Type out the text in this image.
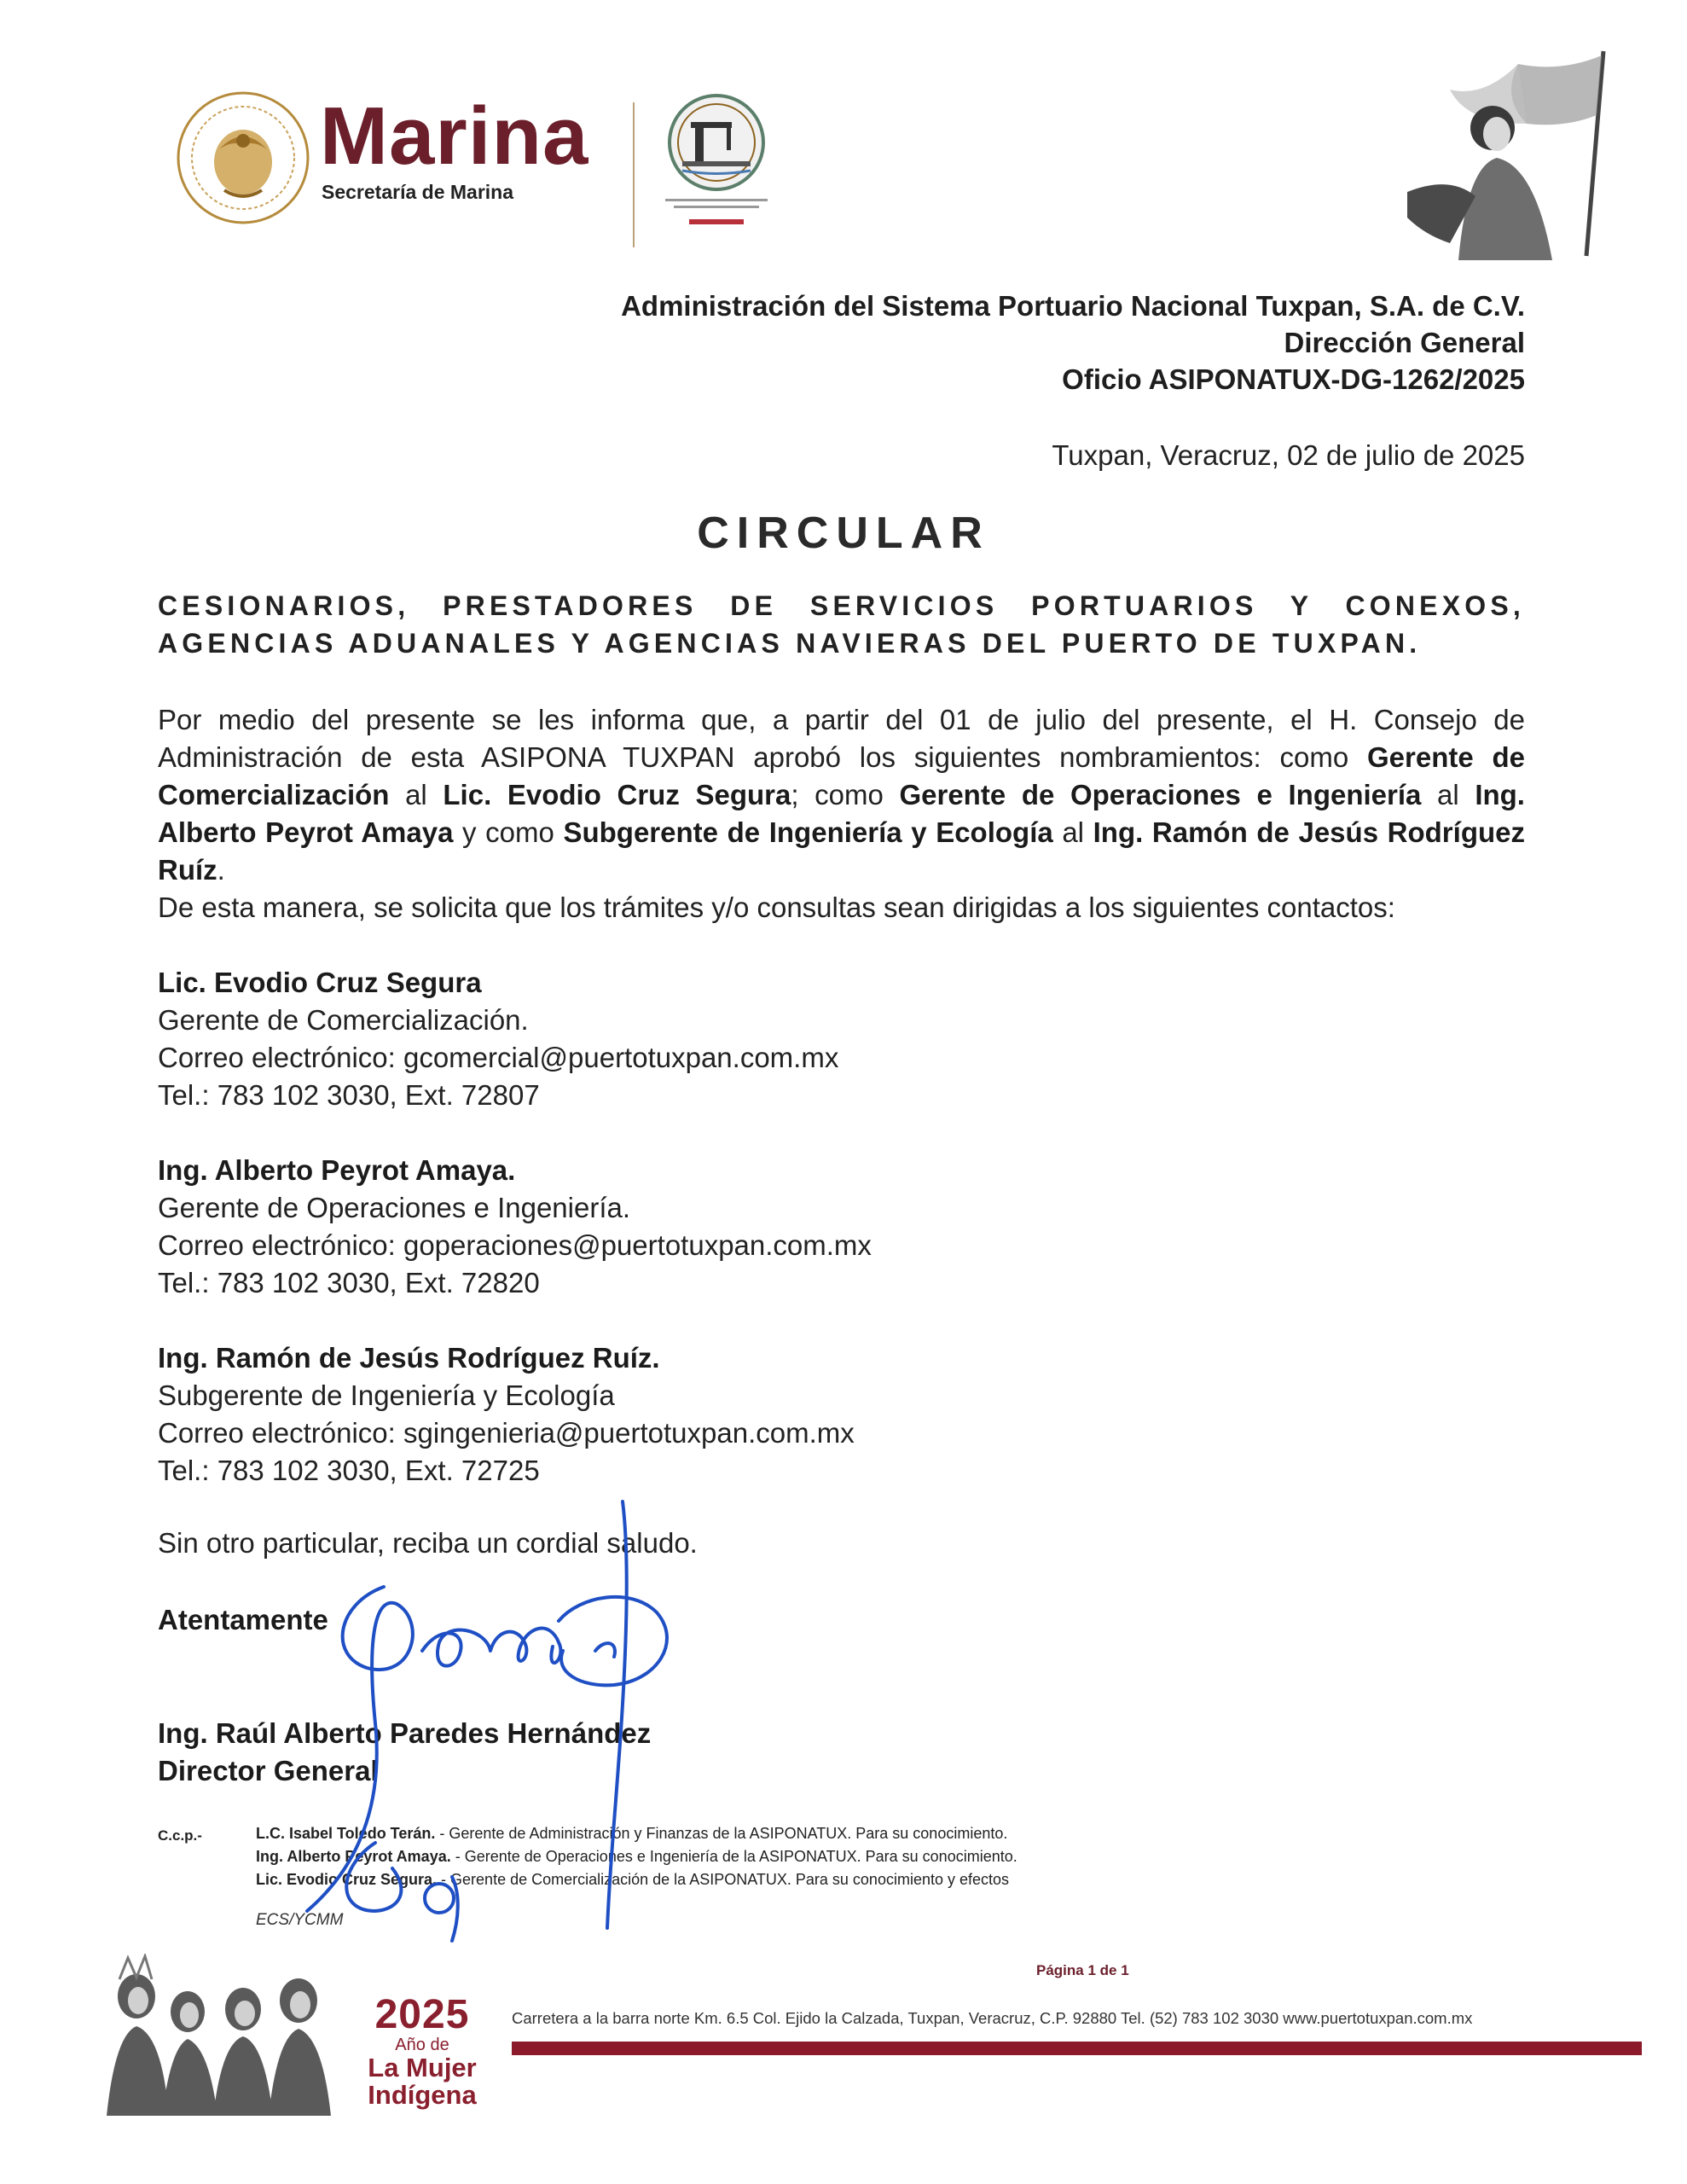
Marina
Secretaría de Marina
Administración del Sistema Portuario Nacional Tuxpan, S.A. de C.V.
Dirección General
Oficio ASIPONATUX-DG-1262/2025
Tuxpan, Veracruz, 02 de julio de 2025
CIRCULAR
CESIONARIOS, PRESTADORES DE SERVICIOS PORTUARIOS Y CONEXOS, AGENCIAS ADUANALES Y AGENCIAS NAVIERAS DEL PUERTO DE TUXPAN.
Por medio del presente se les informa que, a partir del 01 de julio del presente, el H. Consejo de Administración de esta ASIPONA TUXPAN aprobó los siguientes nombramientos: como Gerente de Comercialización al Lic. Evodio Cruz Segura; como Gerente de Operaciones e Ingeniería al Ing. Alberto Peyrot Amaya y como Subgerente de Ingeniería y Ecología al Ing. Ramón de Jesús Rodríguez Ruíz.
De esta manera, se solicita que los trámites y/o consultas sean dirigidas a los siguientes contactos:
Lic. Evodio Cruz Segura
Gerente de Comercialización.
Correo electrónico: gcomercial@puertotuxpan.com.mx
Tel.: 783 102 3030, Ext. 72807
Ing. Alberto Peyrot Amaya.
Gerente de Operaciones e Ingeniería.
Correo electrónico: goperaciones@puertotuxpan.com.mx
Tel.: 783 102 3030, Ext. 72820
Ing. Ramón de Jesús Rodríguez Ruíz.
Subgerente de Ingeniería y Ecología
Correo electrónico: sgingenieria@puertotuxpan.com.mx
Tel.: 783 102 3030, Ext. 72725
Sin otro particular, reciba un cordial saludo.
Atentamente
Ing. Raúl Alberto Paredes Hernández
Director General
C.c.p.-	L.C. Isabel Toledo Terán. - Gerente de Administración y Finanzas de la ASIPONATUX. Para su conocimiento.
Ing. Alberto Peyrot Amaya. - Gerente de Operaciones e Ingeniería de la ASIPONATUX. Para su conocimiento.
Lic. Evodio Cruz Segura. - Gerente de Comercialización de la ASIPONATUX. Para su conocimiento y efectos
ECS/YCMM
Página 1 de 1
2025
Año de
La Mujer
Indígena
Carretera a la barra norte Km. 6.5 Col. Ejido la Calzada, Tuxpan, Veracruz, C.P. 92880 Tel. (52) 783 102 3030 www.puertotuxpan.com.mx
